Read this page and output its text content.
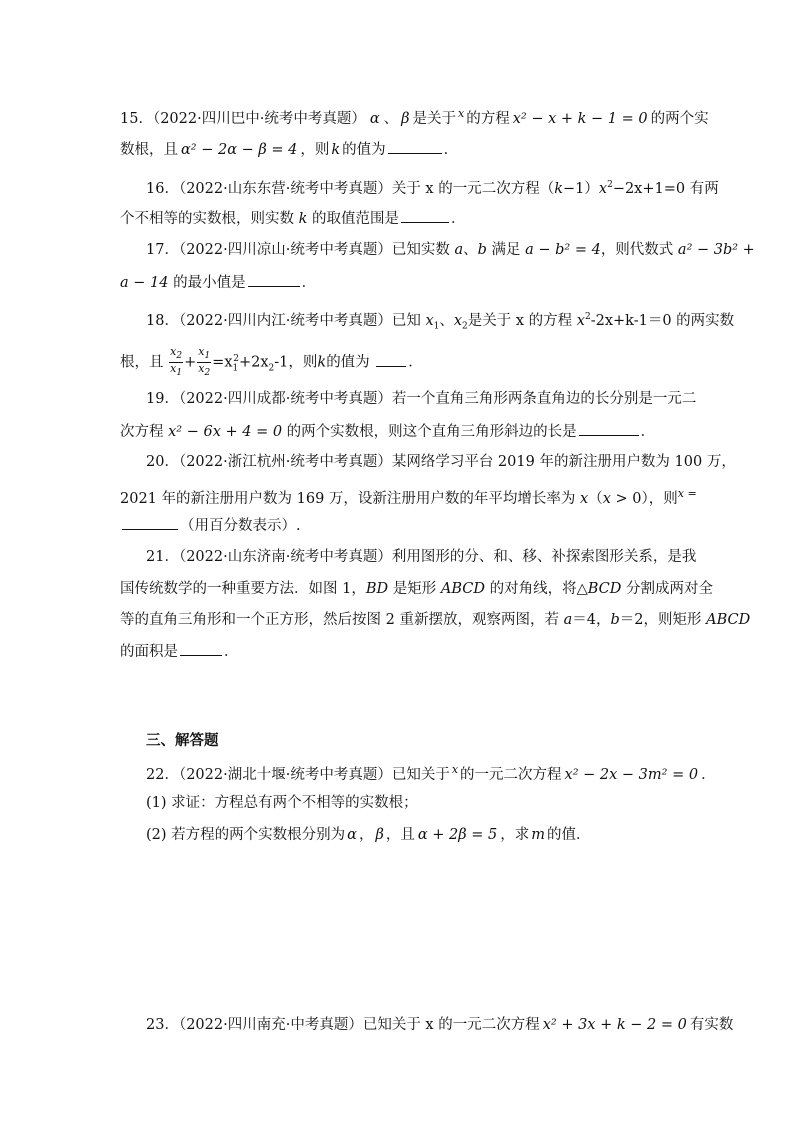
15．（2022·四川巴中·统考中考真题） α 、 β 是关于 $^x$ 的方程 x² − x + k − 1 = 0 的两个实
数根，且 α² − 2α − β = 4 ，则 k 的值为	．
16．（2022·山东东营·统考中考真题）关于 x 的一元二次方程$(k-1)x^2-2x+1=0$ 有两
个不相等的实数根，则实数 k 的取值范围是	．
17．（2022·四川凉山·统考中考真题）已知实数 a、b 满足 a − b² = 4，则代数式 a² − 3b² +
a − 14 的最小值是	．
18．（2022·四川内江·统考中考真题）已知 $x_1$、$x_2$是关于 x 的方程 $x^2-2x+k-1=0$ 的两实数
根，且 $\frac{x_2}{x_1} + \frac{x_1}{x_2} =x_1^2+2x_2-1$，则k的值为 ．
19．（2022·四川成都·统考中考真题）若一个直角三角形两条直角边的长分别是一元二
次方程 x² − 6x + 4 = 0 的两个实数根，则这个直角三角形斜边的长是	．
20．（2022·浙江杭州·统考中考真题）某网络学习平台 2019 年的新注册用户数为 100 万，
2021 年的新注册用户数为 169 万，设新注册用户数的年平均增长率为 x（x > 0），则$^x$ =
（用百分数表示）.
21．（2022·山东济南·统考中考真题）利用图形的分、和、移、补探索图形关系，是我
国传统数学的一种重要方法．如图 1，BD 是矩形 ABCD 的对角线，将△BCD 分割成两对全
等的直角三角形和一个正方形，然后按图 2 重新摆放，观察两图，若 a＝4，b＝2，则矩形 ABCD
的面积是	．
三、解答题
22．（2022·湖北十堰·统考中考真题）已知关于 $^x$ 的一元二次方程 x² − 2x − 3m² = 0 ．
(1) 求证：方程总有两个不相等的实数根；
(2) 若方程的两个实数根分别为 α ， β ，且 α + 2β = 5 ，求 m 的值．
23．（2022·四川南充·中考真题）已知关于 x 的一元二次方程 x² + 3x + k − 2 = 0 有实数
